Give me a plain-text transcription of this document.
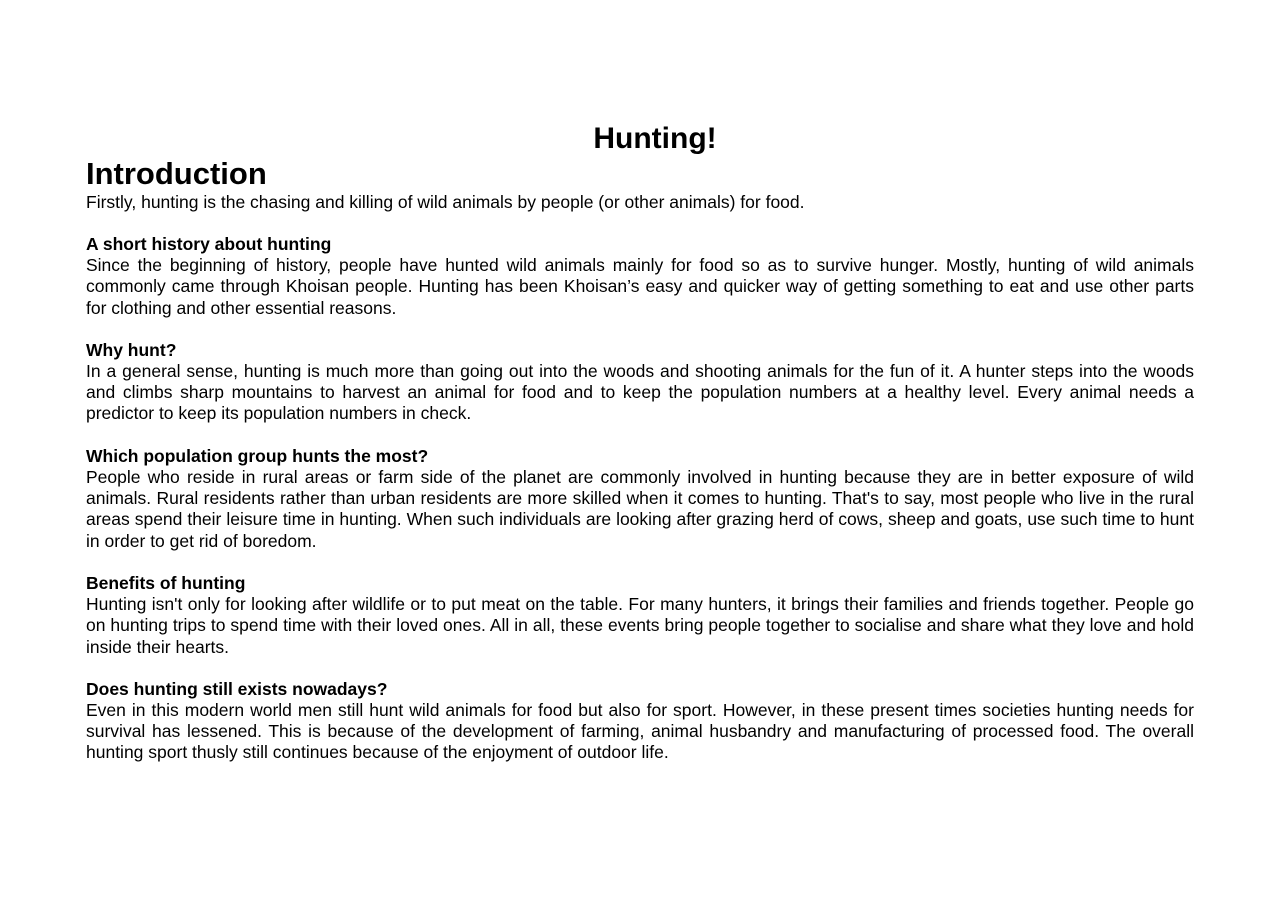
Hunting!
Introduction

Firstly, hunting is the chasing and killing of wild animals by people (or other animals) for food.

A short history about hunting

Since the beginning of history, people have hunted wild animals mainly for food so as to survive hunger. Mostly, hunting of wild animals commonly came through Khoisan people. Hunting has been Khoisan’s easy and quicker way of getting something to eat and use other parts for clothing and other essential reasons.

Why hunt?

In a general sense, hunting is much more than going out into the woods and shooting animals for the fun of it. A hunter steps into the woods and climbs sharp mountains to harvest an animal for food and to keep the population numbers at a healthy level. Every animal needs a predictor to keep its population numbers in check.

Which population group hunts the most?

People who reside in rural areas or farm side of the planet are commonly involved in hunting because they are in better exposure of wild animals. Rural residents rather than urban residents are more skilled when it comes to hunting. That's to say, most people who live in the rural areas spend their leisure time in hunting. When such individuals are looking after grazing herd of cows, sheep and goats, use such time to hunt in order to get rid of boredom.

Benefits of hunting

Hunting isn't only for looking after wildlife or to put meat on the table. For many hunters, it brings their families and friends together. People go on hunting trips to spend time with their loved ones. All in all, these events bring people together to socialise and share what they love and hold inside their hearts.

Does hunting still exists nowadays?

Even in this modern world men still hunt wild animals for food but also for sport. However, in these present times societies hunting needs for survival has lessened. This is because of the development of farming, animal husbandry and manufacturing of processed food. The overall hunting sport thusly still continues because of the enjoyment of outdoor life.
